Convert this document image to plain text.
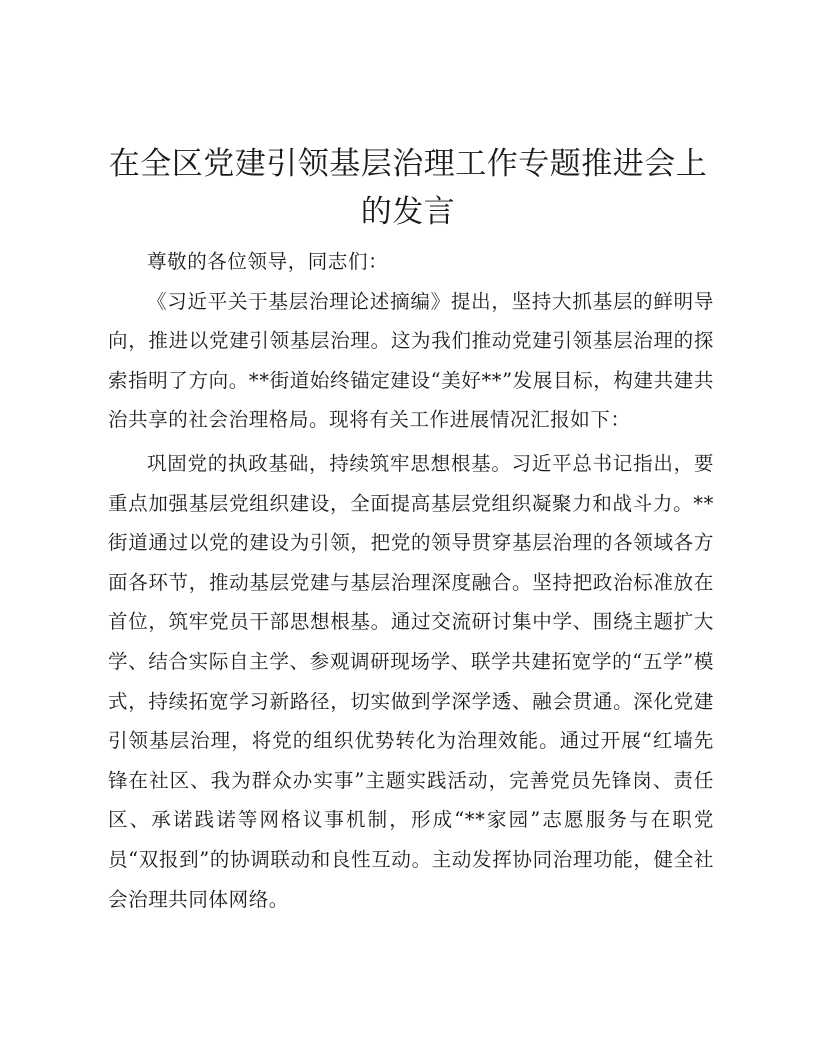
在全区党建引领基层治理工作专题推进会上的发言

尊敬的各位领导，同志们：

《习近平关于基层治理论述摘编》提出，坚持大抓基层的鲜明导向，推进以党建引领基层治理。这为我们推动党建引领基层治理的探索指明了方向。**街道始终锚定建设“美好**”发展目标，构建共建共治共享的社会治理格局。现将有关工作进展情况汇报如下：

巩固党的执政基础，持续筑牢思想根基。习近平总书记指出，要重点加强基层党组织建设，全面提高基层党组织凝聚力和战斗力。**街道通过以党的建设为引领，把党的领导贯穿基层治理的各领域各方面各环节，推动基层党建与基层治理深度融合。坚持把政治标准放在首位，筑牢党员干部思想根基。通过交流研讨集中学、围绕主题扩大学、结合实际自主学、参观调研现场学、联学共建拓宽学的“五学”模式，持续拓宽学习新路径，切实做到学深学透、融会贯通。深化党建引领基层治理，将党的组织优势转化为治理效能。通过开展“红墙先锋在社区、我为群众办实事”主题实践活动，完善党员先锋岗、责任区、承诺践诺等网格议事机制，形成“**家园”志愿服务与在职党员“双报到”的协调联动和良性互动。主动发挥协同治理功能，健全社会治理共同体网络。
